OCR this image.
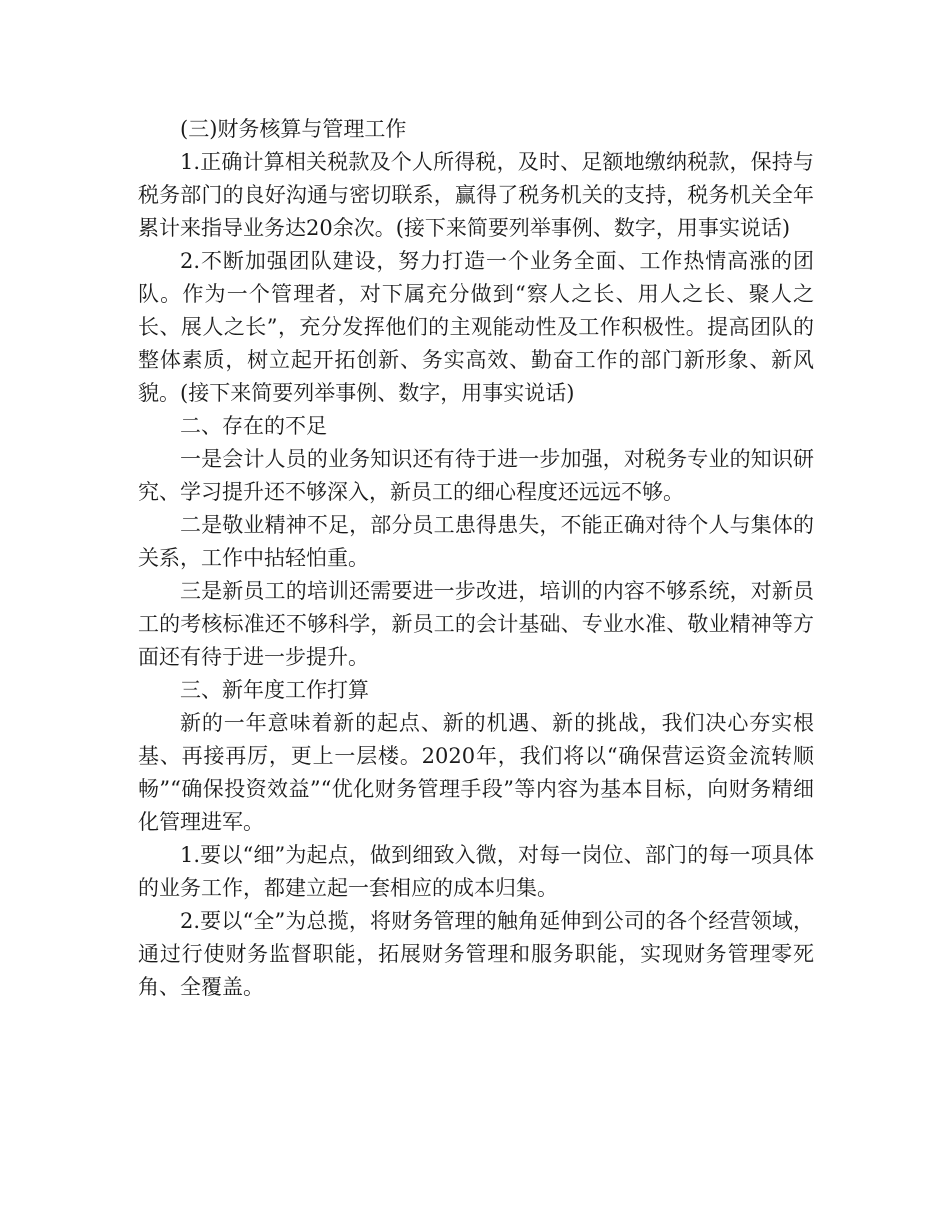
(三)财务核算与管理工作

1.正确计算相关税款及个人所得税，及时、足额地缴纳税款，保持与税务部门的良好沟通与密切联系，赢得了税务机关的支持，税务机关全年累计来指导业务达20余次。(接下来简要列举事例、数字，用事实说话)

2.不断加强团队建设，努力打造一个业务全面、工作热情高涨的团队。作为一个管理者，对下属充分做到“察人之长、用人之长、聚人之长、展人之长”，充分发挥他们的主观能动性及工作积极性。提高团队的整体素质，树立起开拓创新、务实高效、勤奋工作的部门新形象、新风貌。(接下来简要列举事例、数字，用事实说话)

二、存在的不足

一是会计人员的业务知识还有待于进一步加强，对税务专业的知识研究、学习提升还不够深入，新员工的细心程度还远远不够。

二是敬业精神不足，部分员工患得患失，不能正确对待个人与集体的关系，工作中拈轻怕重。

三是新员工的培训还需要进一步改进，培训的内容不够系统，对新员工的考核标准还不够科学，新员工的会计基础、专业水准、敬业精神等方面还有待于进一步提升。

三、新年度工作打算

新的一年意味着新的起点、新的机遇、新的挑战，我们决心夯实根基、再接再厉，更上一层楼。2020年，我们将以“确保营运资金流转顺畅”“确保投资效益”“优化财务管理手段”等内容为基本目标，向财务精细化管理进军。

1.要以“细”为起点，做到细致入微，对每一岗位、部门的每一项具体的业务工作，都建立起一套相应的成本归集。

2.要以“全”为总揽，将财务管理的触角延伸到公司的各个经营领域，通过行使财务监督职能，拓展财务管理和服务职能，实现财务管理零死角、全覆盖。
